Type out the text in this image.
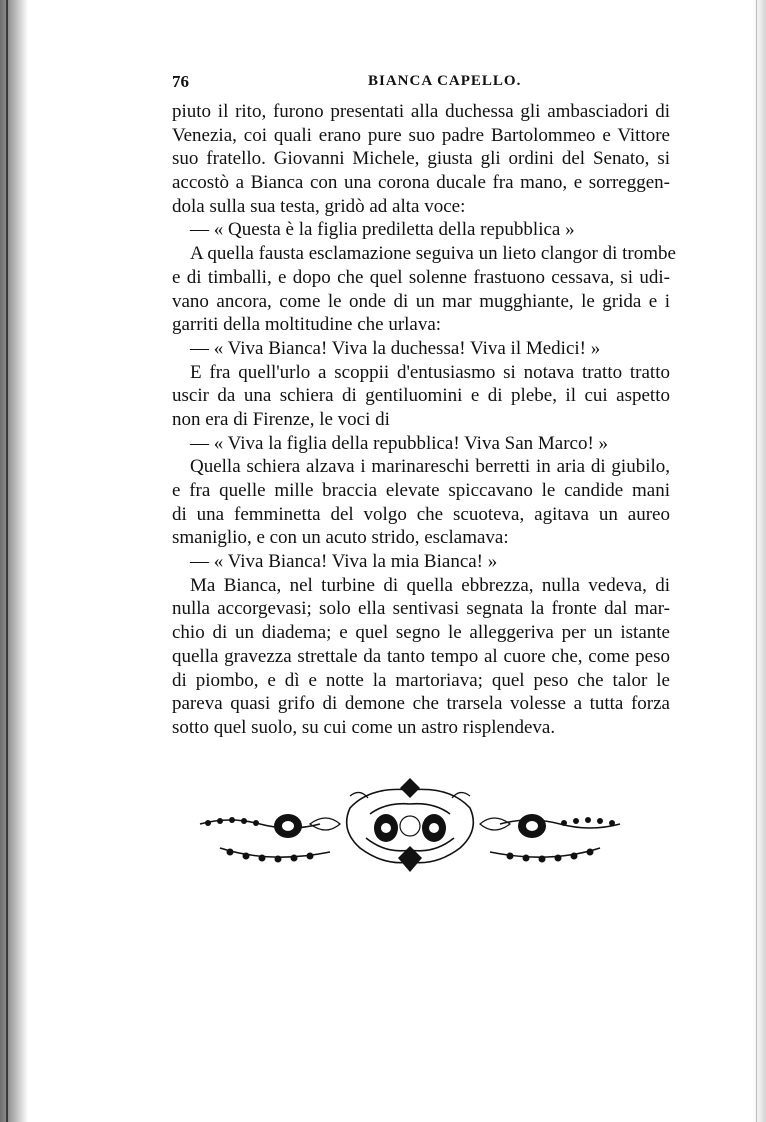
76	BIANCA CAPELLO.
piuto il rito, furono presentati alla duchessa gli ambasciadori di
Venezia, coi quali erano pure suo padre Bartolommeo e Vittore
suo fratello. Giovanni Michele, giusta gli ordini del Senato, si
accostò a Bianca con una corona ducale fra mano, e sorreggen-
dola sulla sua testa, gridò ad alta voce:
— « Questa è la figlia prediletta della repubblica »
A quella fausta esclamazione seguiva un lieto clangor di trombe
e di timballi, e dopo che quel solenne frastuono cessava, si udi-
vano ancora, come le onde di un mar mugghiante, le grida e i
garriti della moltitudine che urlava:
— « Viva Bianca! Viva la duchessa! Viva il Medici! »
E fra quell'urlo a scoppii d'entusiasmo si notava tratto tratto
uscir da una schiera di gentiluomini e di plebe, il cui aspetto
non era di Firenze, le voci di
— « Viva la figlia della repubblica! Viva San Marco! »
Quella schiera alzava i marinareschi berretti in aria di giubilo,
e fra quelle mille braccia elevate spiccavano le candide mani
di una femminetta del volgo che scuoteva, agitava un aureo
smaniglio, e con un acuto strido, esclamava:
— « Viva Bianca! Viva la mia Bianca! »
Ma Bianca, nel turbine di quella ebbrezza, nulla vedeva, di
nulla accorgevasi; solo ella sentivasi segnata la fronte dal mar-
chio di un diadema; e quel segno le alleggeriva per un istante
quella gravezza strettale da tanto tempo al cuore che, come peso
di piombo, e dì e notte la martoriava; quel peso che talor le
pareva quasi grifo di demone che trarsela volesse a tutta forza
sotto quel suolo, su cui come un astro risplendeva.
